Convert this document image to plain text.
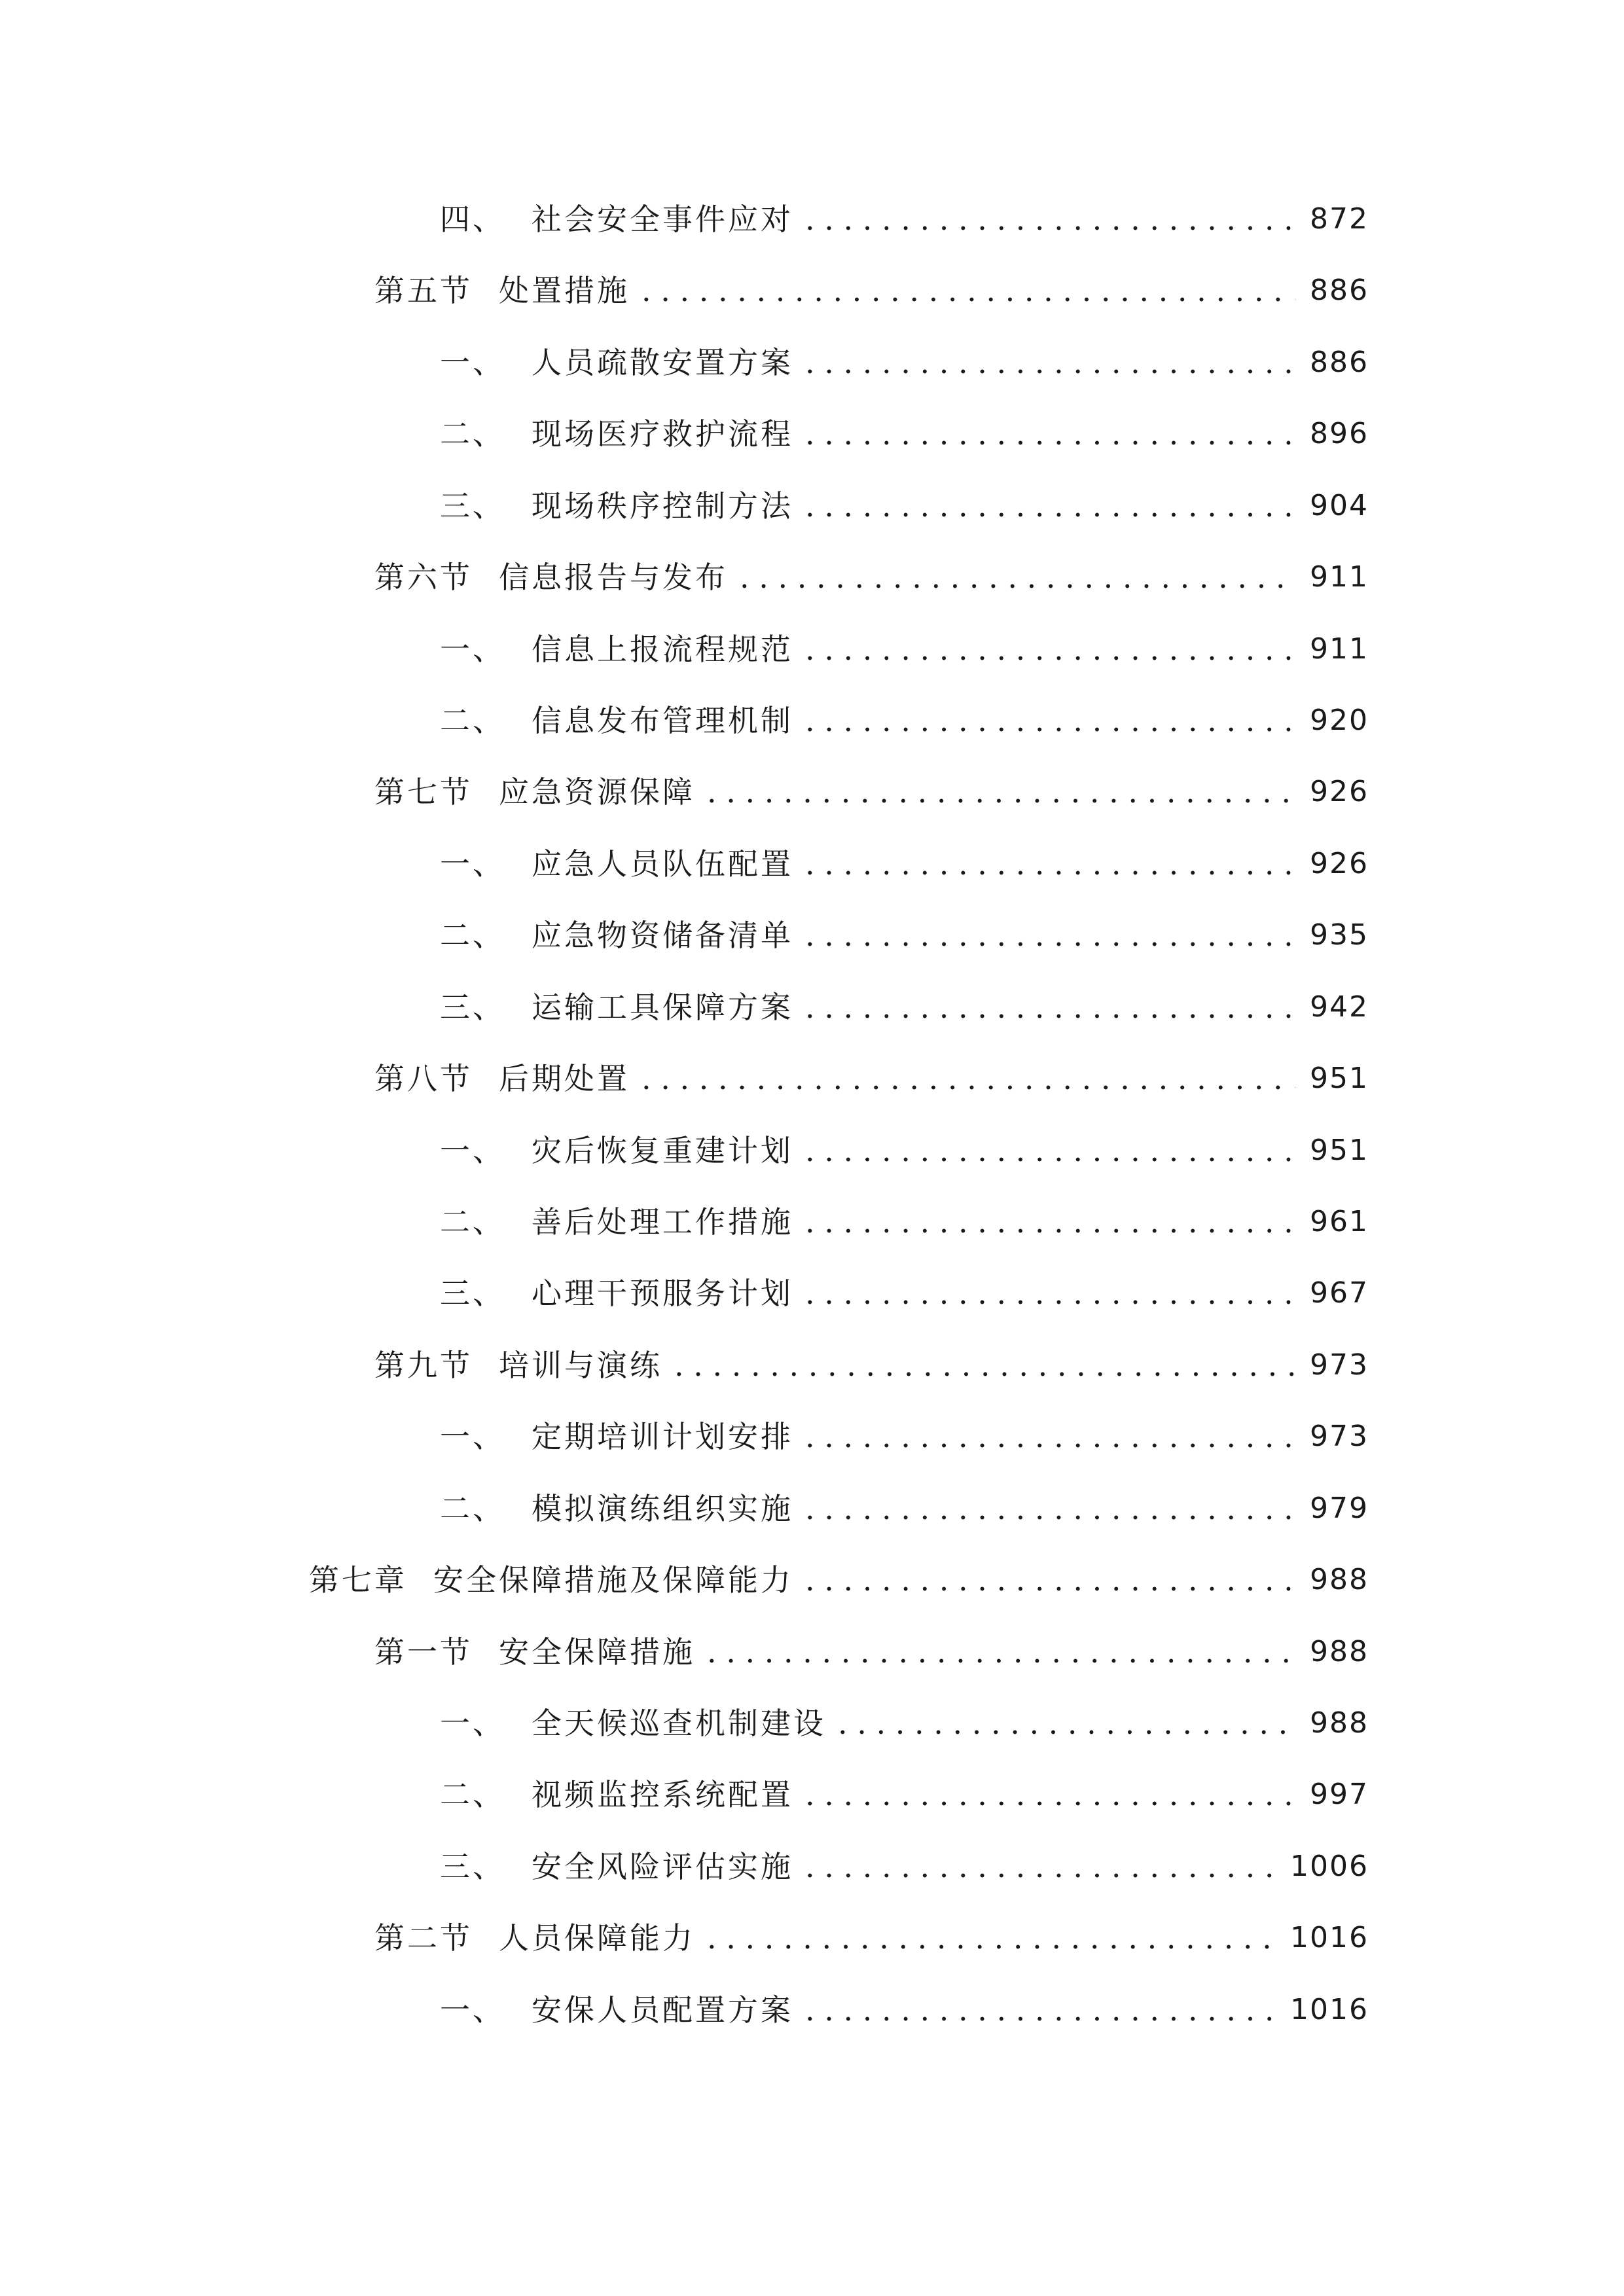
四、 社会安全事件应对 . . .	872
第五节 处置措施 . . .	886
一、 人员疏散安置方案 . . .	886
二、 现场医疗救护流程 . . .	896
三、 现场秩序控制方法 . . .	904
第六节 信息报告与发布 . . .	911
一、 信息上报流程规范 . . .	911
二、 信息发布管理机制 . . .	920
第七节 应急资源保障 . . .	926
一、 应急人员队伍配置 . . .	926
二、 应急物资储备清单 . . .	935
三、 运输工具保障方案 . . .	942
第八节 后期处置 . . .	951
一、 灾后恢复重建计划 . . .	951
二、 善后处理工作措施 . . .	961
三、 心理干预服务计划 . . .	967
第九节 培训与演练 . . .	973
一、 定期培训计划安排 . . .	973
二、 模拟演练组织实施 . . .	979
第七章 安全保障措施及保障能力 . . .	988
第一节 安全保障措施 . . .	988
一、 全天候巡查机制建设 . . .	988
二、 视频监控系统配置 . . .	997
三、 安全风险评估实施 . . .	1006
第二节 人员保障能力 . . .	1016
一、 安保人员配置方案 . . .	1016
